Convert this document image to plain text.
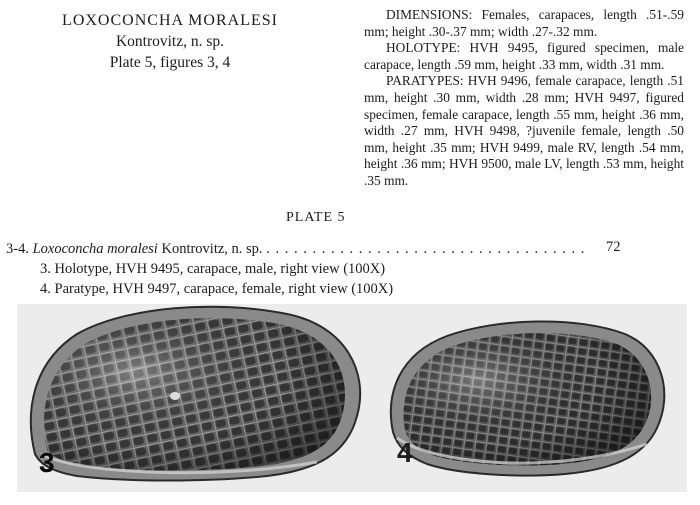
LOXOCONCHA MORALESI
Kontrovitz, n. sp.
Plate 5, figures 3, 4

DIMENSIONS: Females, carapaces, length .51-.59 mm; height .30-.37 mm; width .27-.32 mm.

HOLOTYPE: HVH 9495, figured specimen, male carapace, length .59 mm, height .33 mm, width .31 mm.

PARATYPES: HVH 9496, female carapace, length .51 mm, height .30 mm, width .28 mm; HVH 9497, figured specimen, female carapace, length .55 mm, height .36 mm, width .27 mm, HVH 9498, ?juvenile female, length .50 mm, height .35 mm; HVH 9499, male RV, length .54 mm, height .36 mm; HVH 9500, male LV, length .53 mm, height .35 mm.

PLATE 5
3-4. Loxoconcha moralesi Kontrovitz, n. sp. . . . . . . . . . . . . . . . . . . . . . . . . . . . . . . . . . . . 72
3. Holotype, HVH 9495, carapace, male, right view (100X)
4. Paratype, HVH 9497, carapace, female, right view (100X)
3	4
